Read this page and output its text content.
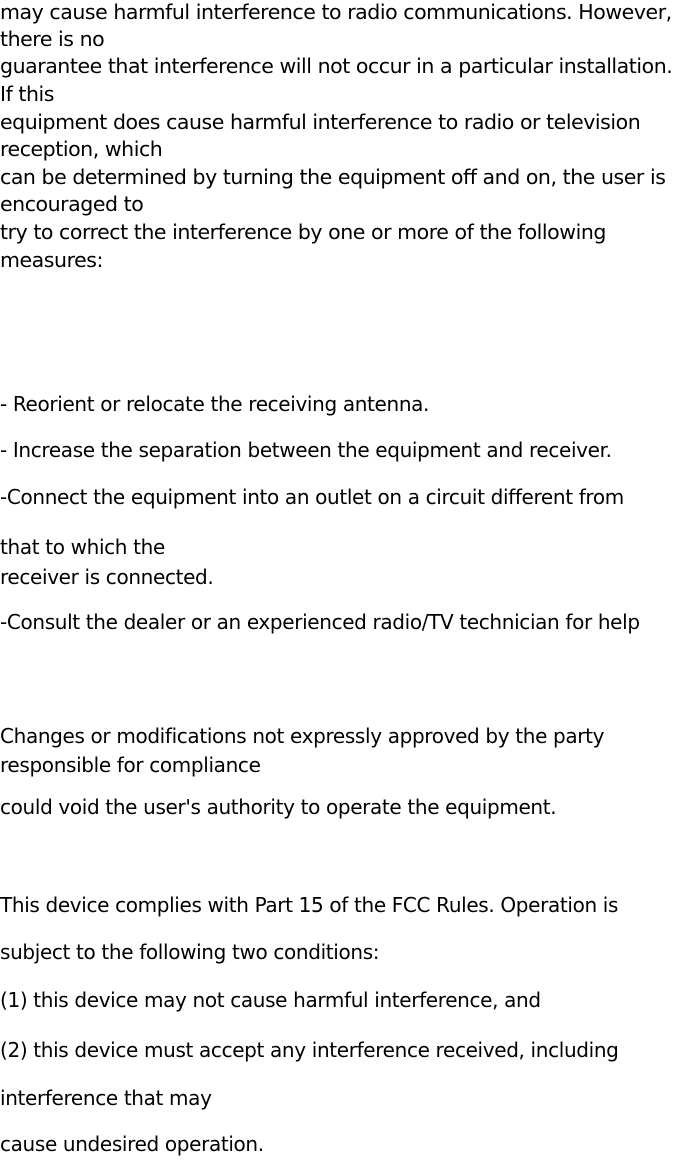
may cause harmful interference to radio communications. However,

there is no

guarantee that interference will not occur in a particular installation.

If this

equipment does cause harmful interference to radio or television

reception, which

can be determined by turning the equipment off and on, the user is

encouraged to

try to correct the interference by one or more of the following

measures:

- Reorient or relocate the receiving antenna.

- Increase the separation between the equipment and receiver.

-Connect the equipment into an outlet on a circuit different from

that to which the

receiver is connected.

-Consult the dealer or an experienced radio/TV technician for help

Changes or modifications not expressly approved by the party

responsible for compliance

could void the user's authority to operate the equipment.

This device complies with Part 15 of the FCC Rules. Operation is

subject to the following two conditions:

(1) this device may not cause harmful interference, and

(2) this device must accept any interference received, including

interference that may

cause undesired operation.
